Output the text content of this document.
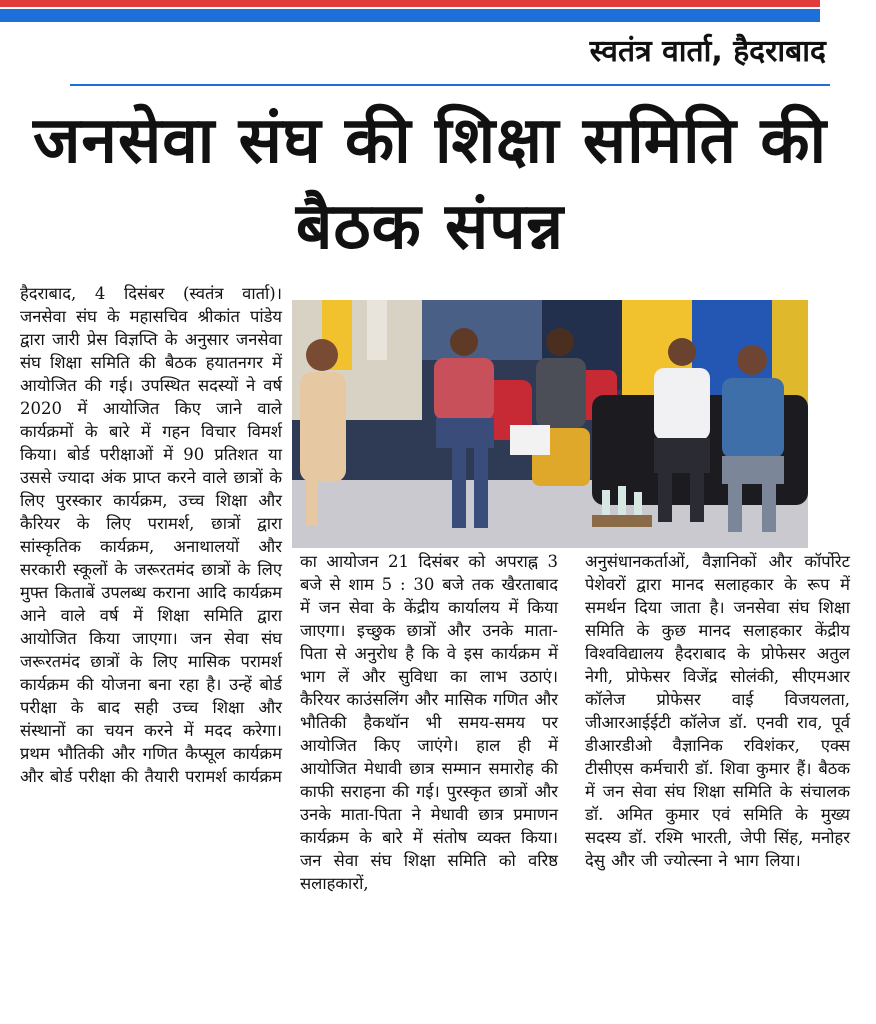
स्वतंत्र वार्ता, हैदराबाद
जनसेवा संघ की शिक्षा समिति की बैठक संपन्न

हैदराबाद, 4 दिसंबर (स्वतंत्र वार्ता)। जनसेवा संघ के महासचिव श्रीकांत पांडेय द्वारा जारी प्रेस विज्ञप्ति के अनुसार जनसेवा संघ शिक्षा समिति की बैठक हयातनगर में आयोजित की गई। उपस्थित सदस्यों ने वर्ष 2020 में आयोजित किए जाने वाले कार्यक्रमों के बारे में गहन विचार विमर्श किया। बोर्ड परीक्षाओं में 90 प्रतिशत या उससे ज्यादा अंक प्राप्त करने वाले छात्रों के लिए पुरस्कार कार्यक्रम, उच्च शिक्षा और कैरियर के लिए परामर्श, छात्रों द्वारा सांस्कृतिक कार्यक्रम, अनाथालयों और सरकारी स्कूलों के जरूरतमंद छात्रों के लिए मुफ्त किताबें उपलब्ध कराना आदि कार्यक्रम आने वाले वर्ष में शिक्षा समिति द्वारा आयोजित किया जाएगा। जन सेवा संघ जरूरतमंद छात्रों के लिए मासिक परामर्श कार्यक्रम की योजना बना रहा है। उन्हें बोर्ड परीक्षा के बाद सही उच्च शिक्षा और संस्थानों का चयन करने में मदद करेगा। प्रथम भौतिकी और गणित कैप्सूल कार्यक्रम और बोर्ड परीक्षा की तैयारी परामर्श कार्यक्रम

का आयोजन 21 दिसंबर को अपराह्न 3 बजे से शाम 5 : 30 बजे तक खैरताबाद में जन सेवा के केंद्रीय कार्यालय में किया जाएगा। इच्छुक छात्रों और उनके माता-पिता से अनुरोध है कि वे इस कार्यक्रम में भाग लें और सुविधा का लाभ उठाएं। कैरियर काउंसलिंग और मासिक गणित और भौतिकी हैकथॉन भी समय-समय पर आयोजित किए जाएंगे। हाल ही में आयोजित मेधावी छात्र सम्मान समारोह की काफी सराहना की गई। पुरस्कृत छात्रों और उनके माता-पिता ने मेधावी छात्र प्रमाणन कार्यक्रम के बारे में संतोष व्यक्त किया। जन सेवा संघ शिक्षा समिति को वरिष्ठ सलाहकारों,

अनुसंधानकर्ताओं, वैज्ञानिकों और कॉर्पोरेट पेशेवरों द्वारा मानद सलाहकार के रूप में समर्थन दिया जाता है। जनसेवा संघ शिक्षा समिति के कुछ मानद सलाहकार केंद्रीय विश्वविद्यालय हैदराबाद के प्रोफेसर अतुल नेगी, प्रोफेसर विजेंद्र सोलंकी, सीएमआर कॉलेज प्रोफेसर वाई विजयलता, जीआरआईईटी कॉलेज डॉ. एनवी राव, पूर्व डीआरडीओ वैज्ञानिक रविशंकर, एक्स टीसीएस कर्मचारी डॉ. शिवा कुमार हैं। बैठक में जन सेवा संघ शिक्षा समिति के संचालक डॉ. अमित कुमार एवं समिति के मुख्य सदस्य डॉ. रश्मि भारती, जेपी सिंह, मनोहर देसु और जी ज्योत्स्ना ने भाग लिया।
